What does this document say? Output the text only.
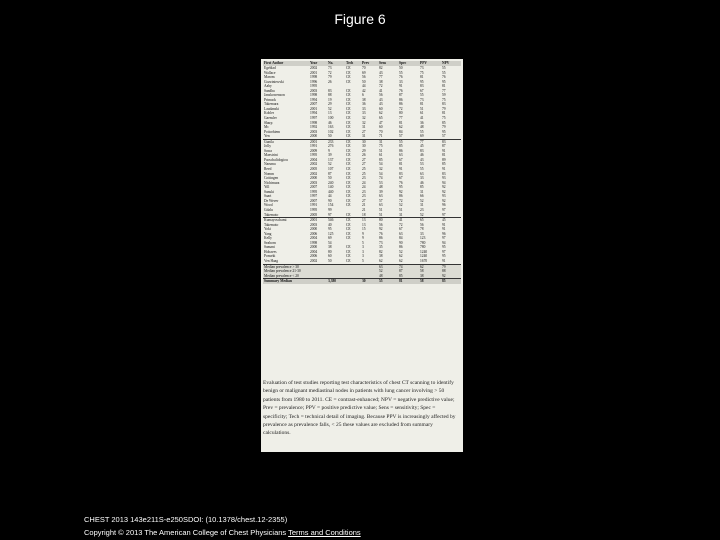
Figure 6
First Author	Year	No.	Tech	Prev	Sens	Spec	PPV	NPV
Egeblad	2002	73	CE	70	82	50	73	55
Wallace	2001	72	CE	69	43	55	75	55
Marom	1998	79	CE	56	77	76	81	76
Gozziniewski	1996	26	CE	50	38	33	95	95
Aaby	1995			44	72	91	83	81
Sandha	2003	83	CE	42	41	76	67	77
Janskowenson	1998	88	CE	6	56	87	55	59
Primack	1994	19	CE	38	43	86	73	75
Takemura	2007	29	CE	36	43	86	81	83
Laudanski	2001	52	CE	33	60	72	51	79
Kohler	1994	13	CE	33	62	80	61	81
Gaensler	1997	100	CE	32	65	77	41	75
Sharp	1998	46	CE	32	47	81	36	85
Mc	1992	163	CE	31	60	62	48	79
Pottorhiem	2003	102	CE	27	70	84	55	95
Yen	2000	50	CE	31	71	57	69	57
Gunila	2001	233	CE	30	31	55	77	83
Jolly	1991	276	CE	30	75	85	45	87
Sawa	2009	9	CE	29	51	86	83	91
Maestrini	1995	39	CE	26	61	63	46	81
Paoschalidogiou	2004	137	CE	27	85	67	43	89
Naruma	2002	52	CE	27	54	81	53	85
Reed	2005	107	CE	25	32	91	55	91
Nomm	2002	87	CE	25	54	83	63	83
Cottingen	2000	50	CE	23	74	67	33	93
Nichimura	2003	240	CE	24	53	76	46	94
Yill	2007	140	CE	24	48	95	85	92
Sanuki	1995	440	CE	23	39	92	31	92
Saari	1997	44	CE	23	63	86	66	93
De Wever	2007	90	CE	27	57	72	52	92
Wood	1991	154	CE	21	63	52	31	96
Gdalu	1995	99		21	51	51	23	97
Takemoto	2005	97	CE	18	51	31	52	97
Kumayoschami	2001	546	CE	13	80	41	65	45
Takemoto	2003	40	CE	13	56	72	56	91
Yoki	2000	95	CE	15	92	67	78	91
Yang	2006	125	CE	9	76	63	33	96
Kelly	2004	69	CE	9	86	84	123	97
Seaborn	1998	54		5	73	90	780	94
Samani	2000	38	CE	3	35	86	780	95
Hohaves	2004	80	CE	3	82	52	1240	97
Ponseki	2006	60	CE	3	38	62	1240	95
Ven Haag	2002	50	CE	5	62	62	1670	91
Median prevalence > 30					63	74	62	79
Median prevalence 21-30					52	87	58	88
Median prevalence < 20					48	85	38	92
Summary Median		3,380		30	55	81	58	85
Evaluation of test studies reporting test characteristics of chest CT scanning to identify benign or malignant mediastinal nodes in patients with lung cancer involving > 50 patients from 1980 to 2011. CE = contrast-enhanced; NPV = negative predictive value; Prev = prevalence; PPV = positive predictive value; Sens = sensitivity; Spec = specificity; Tech = technical detail of imaging. Because PPV is increasingly affected by prevalence as prevalence falls, < 25 these values are excluded from summary calculations.
CHEST 2013 143e211S-e250SDOI: (10.1378/chest.12-2355)
Copyright © 2013 The American College of Chest Physicians Terms and Conditions
